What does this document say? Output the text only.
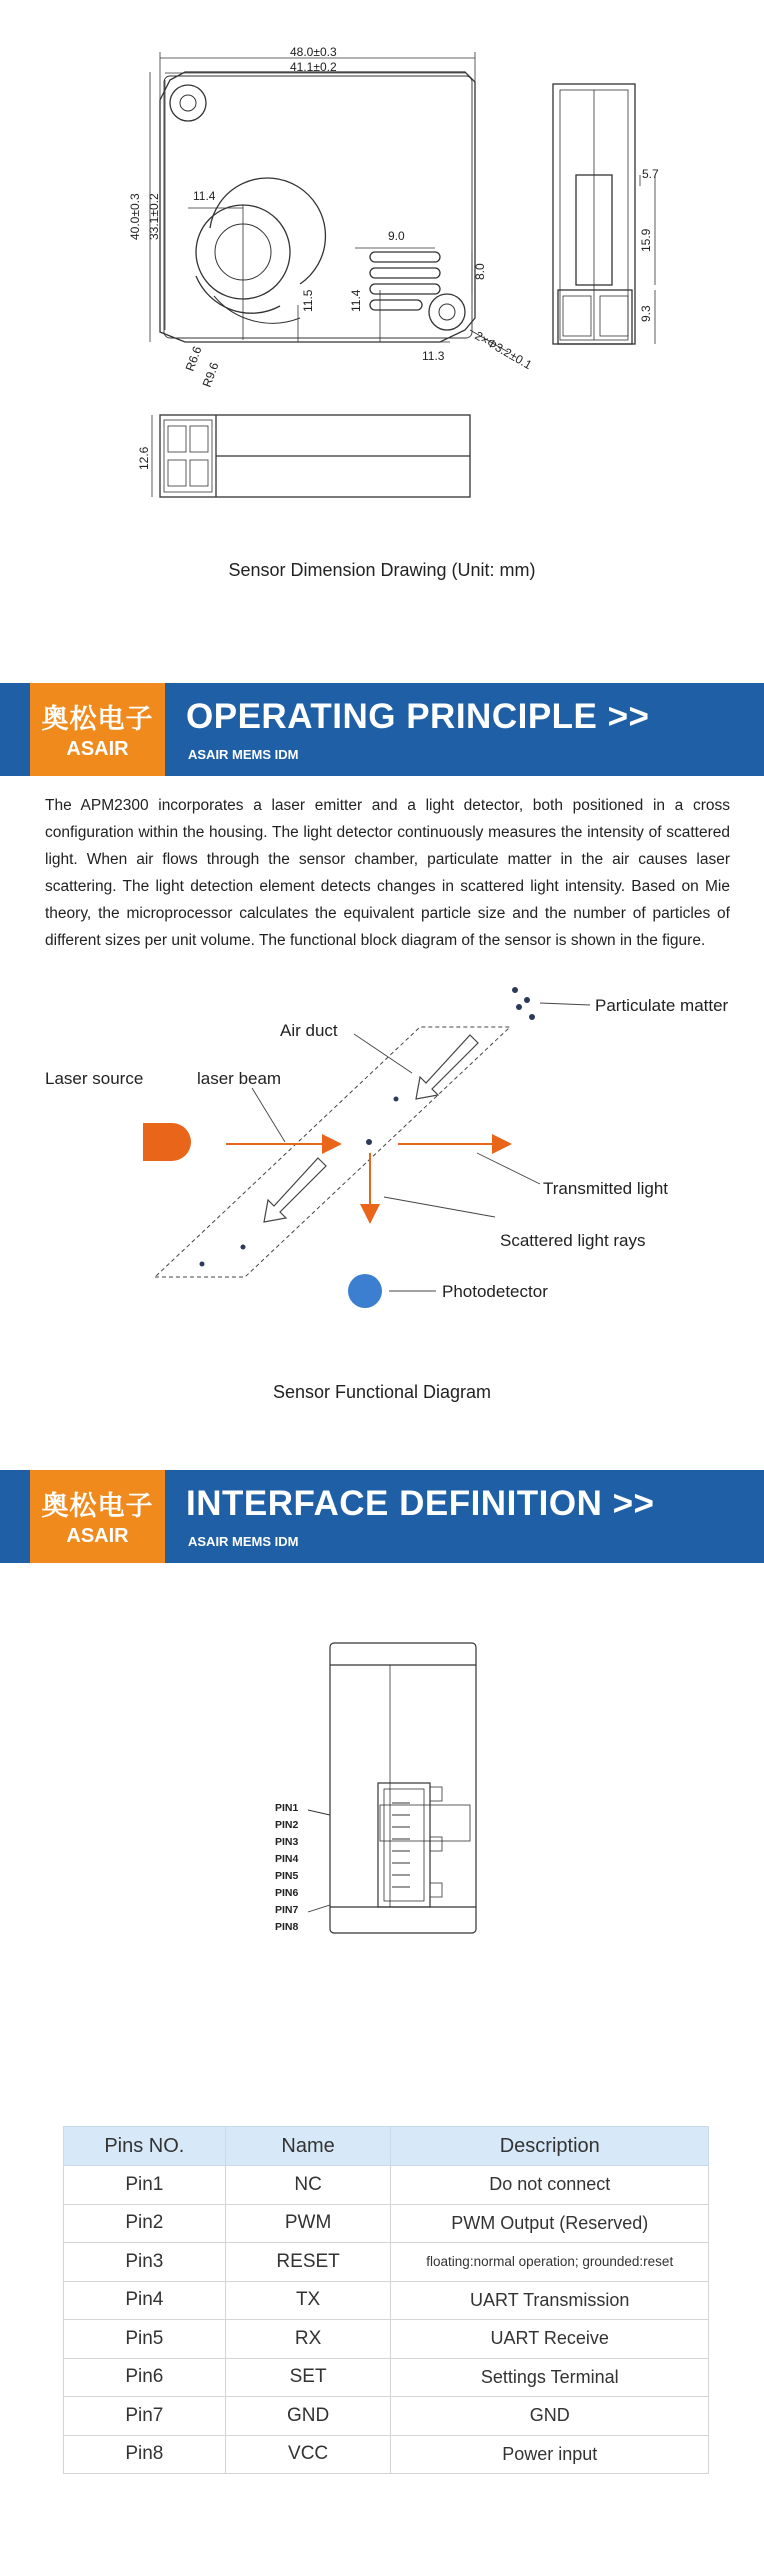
48.0±0.3
41.1±0.2
40.0±0.3 33.1±0.2	11.4
11.5	11.4
R6.6
R9.6
9.0
8.0
11.3 2×Φ3.2±0.1
5.7
15.9
9.3
12.6
Sensor Dimension Drawing (Unit: mm)
奥松电子
ASAIR
OPERATING PRINCIPLE >>
ASAIR MEMS IDM
The APM2300 incorporates a laser emitter and a light detector, both positioned in a cross configuration within the housing. The light detector continuously measures the intensity of scattered light. When air flows through the sensor chamber, particulate matter in the air causes laser scattering. The light detection element detects changes in scattered light intensity. Based on Mie theory, the microprocessor calculates the equivalent particle size and the number of particles of different sizes per unit volume. The functional block diagram of the sensor is shown in the figure.
Particulate matter
Air duct
Laser source	laser beam
Transmitted light
Scattered light rays
Photodetector
Sensor Functional Diagram
奥松电子
ASAIR
INTERFACE DEFINITION >>
ASAIR MEMS IDM
PIN1
PIN2
PIN3
PIN4
PIN5
PIN6
PIN7
PIN8
Pins NO.	Name	Description
Pin1	NC	Do not connect
Pin2	PWM	PWM Output (Reserved)
Pin3	RESET	floating:normal operation; grounded:reset
Pin4	TX	UART Transmission
Pin5	RX	UART Receive
Pin6	SET	Settings Terminal
Pin7	GND	GND
Pin8	VCC	Power input
